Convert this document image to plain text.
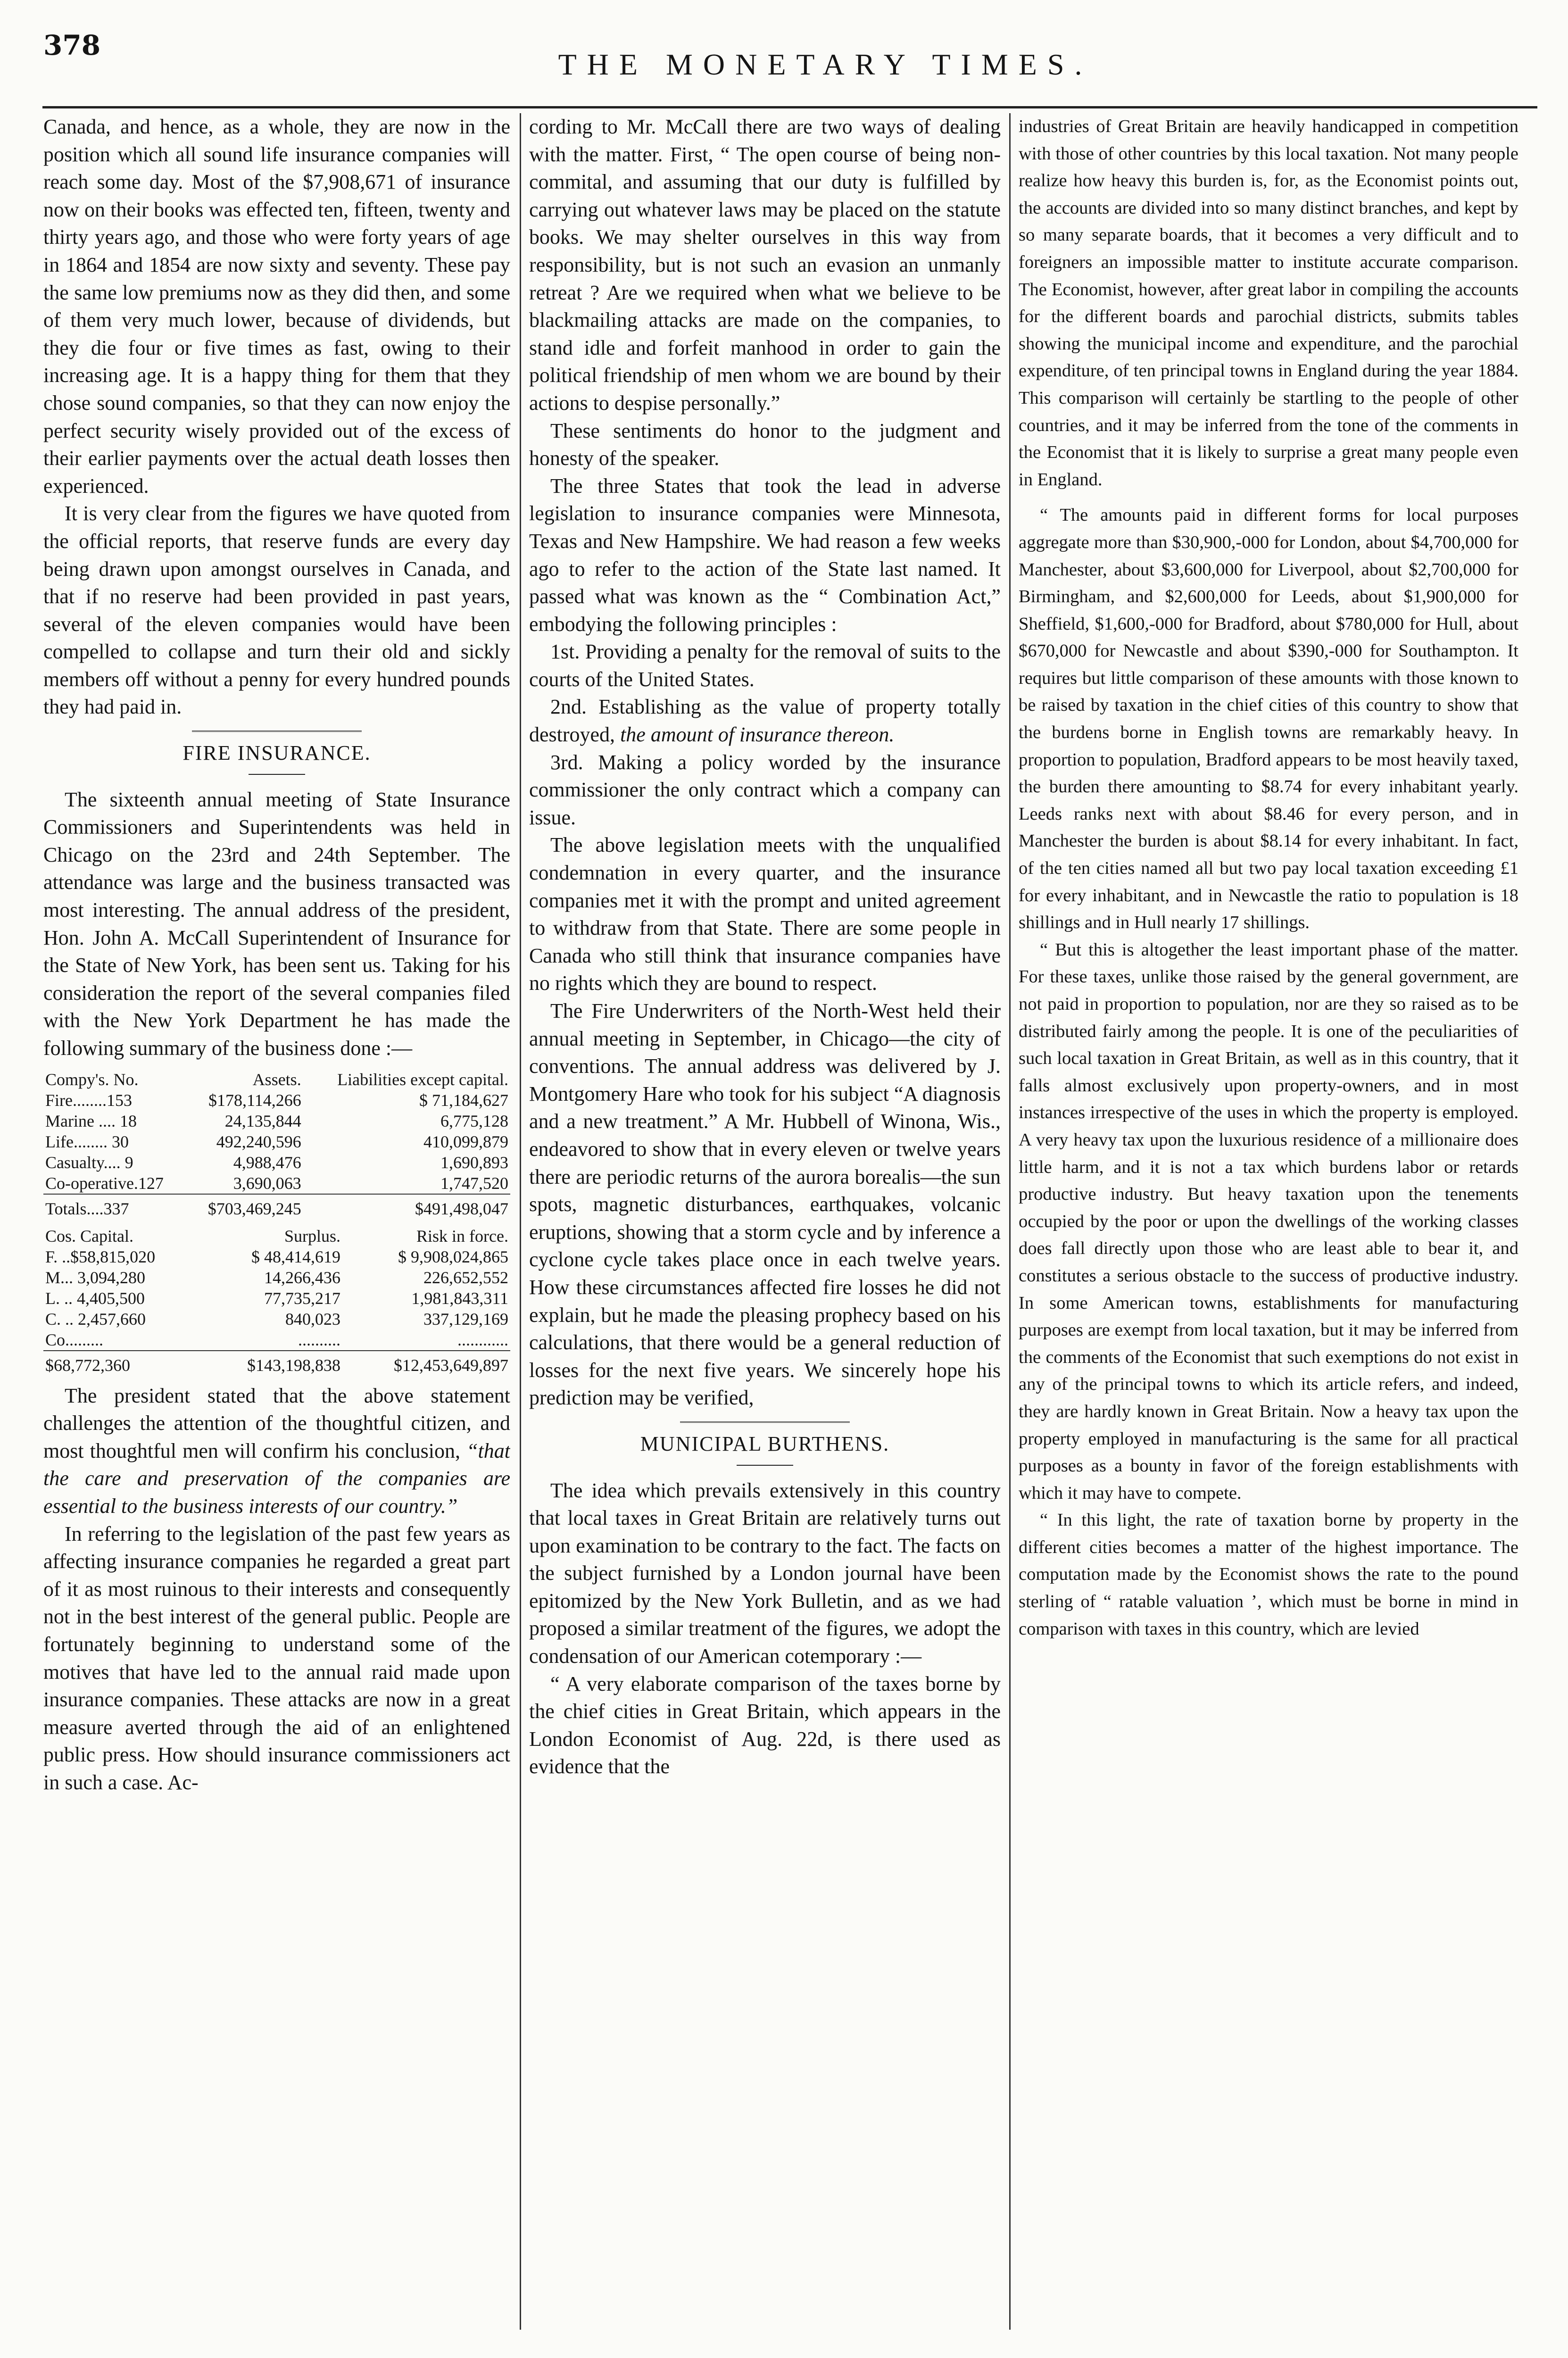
378
THE MONETARY TIMES.

Canada, and hence, as a whole, they are now in the position which all sound life insurance companies will reach some day. Most of the $7,908,671 of insurance now on their books was effected ten, fifteen, twenty and thirty years ago, and those who were forty years of age in 1864 and 1854 are now sixty and seventy. These pay the same low premiums now as they did then, and some of them very much lower, because of dividends, but they die four or five times as fast, owing to their increasing age. It is a happy thing for them that they chose sound companies, so that they can now enjoy the perfect security wisely provided out of the excess of their earlier payments over the actual death losses then experienced.

It is very clear from the figures we have quoted from the official reports, that reserve funds are every day being drawn upon amongst ourselves in Canada, and that if no reserve had been provided in past years, several of the eleven companies would have been compelled to collapse and turn their old and sickly members off without a penny for every hundred pounds they had paid in.

FIRE INSURANCE.

The sixteenth annual meeting of State Insurance Commissioners and Superintendents was held in Chicago on the 23rd and 24th September. The attendance was large and the business transacted was most interesting. The annual address of the president, Hon. John A. McCall Superintendent of Insurance for the State of New York, has been sent us. Taking for his consideration the report of the several companies filed with the New York Department he has made the following summary of the business done :—

Compy's. No.	Assets.	Liabilities except capital.
Fire........153	$178,114,266	$ 71,184,627
Marine .... 18	24,135,844	6,775,128
Life........ 30	492,240,596	410,099,879
Casualty.... 9	4,988,476	1,690,893
Co-operative.127	3,690,063	1,747,520
Totals....337	$703,469,245	$491,498,047
Cos. Capital.	Surplus.	Risk in force.
F. ..$58,815,020	$ 48,414,619	$ 9,908,024,865
M... 3,094,280	14,266,436	226,652,552
L. .. 4,405,500	77,735,217	1,981,843,311
C. .. 2,457,660	840,023	337,129,169
Co.........	..........	............
$68,772,360	$143,198,838	$12,453,649,897

The president stated that the above statement challenges the attention of the thoughtful citizen, and most thoughtful men will confirm his conclusion, “that the care and preservation of the companies are essential to the business interests of our country.”

In referring to the legislation of the past few years as affecting insurance companies he regarded a great part of it as most ruinous to their interests and consequently not in the best interest of the general public. People are fortunately beginning to understand some of the motives that have led to the annual raid made upon insurance companies. These attacks are now in a great measure averted through the aid of an enlightened public press. How should insurance commissioners act in such a case. Ac-

cording to Mr. McCall there are two ways of dealing with the matter. First, “ The open course of being non-commital, and assuming that our duty is fulfilled by carrying out whatever laws may be placed on the statute books. We may shelter ourselves in this way from responsibility, but is not such an evasion an unmanly retreat ? Are we required when what we believe to be blackmailing attacks are made on the companies, to stand idle and forfeit manhood in order to gain the political friendship of men whom we are bound by their actions to despise personally.”

These sentiments do honor to the judgment and honesty of the speaker.

The three States that took the lead in adverse legislation to insurance companies were Minnesota, Texas and New Hampshire. We had reason a few weeks ago to refer to the action of the State last named. It passed what was known as the “ Combination Act,” embodying the following principles :

1st. Providing a penalty for the removal of suits to the courts of the United States.

2nd. Establishing as the value of property totally destroyed, the amount of insurance thereon.

3rd. Making a policy worded by the insurance commissioner the only contract which a company can issue.

The above legislation meets with the unqualified condemnation in every quarter, and the insurance companies met it with the prompt and united agreement to withdraw from that State. There are some people in Canada who still think that insurance companies have no rights which they are bound to respect.

The Fire Underwriters of the North-West held their annual meeting in September, in Chicago—the city of conventions. The annual address was delivered by J. Montgomery Hare who took for his subject “A diagnosis and a new treatment.” A Mr. Hubbell of Winona, Wis., endeavored to show that in every eleven or twelve years there are periodic returns of the aurora borealis—the sun spots, magnetic disturbances, earthquakes, volcanic eruptions, showing that a storm cycle and by inference a cyclone cycle takes place once in each twelve years. How these circumstances affected fire losses he did not explain, but he made the pleasing prophecy based on his calculations, that there would be a general reduction of losses for the next five years. We sincerely hope his prediction may be verified,

MUNICIPAL BURTHENS.

The idea which prevails extensively in this country that local taxes in Great Britain are relatively turns out upon examination to be contrary to the fact. The facts on the subject furnished by a London journal have been epitomized by the New York Bulletin, and as we had proposed a similar treatment of the figures, we adopt the condensation of our American cotemporary :—

“ A very elaborate comparison of the taxes borne by the chief cities in Great Britain, which appears in the London Economist of Aug. 22d, is there used as evidence that the

industries of Great Britain are heavily handicapped in competition with those of other countries by this local taxation. Not many people realize how heavy this burden is, for, as the Economist points out, the accounts are divided into so many distinct branches, and kept by so many separate boards, that it becomes a very difficult and to foreigners an impossible matter to institute accurate comparison. The Economist, however, after great labor in compiling the accounts for the different boards and parochial districts, submits tables showing the municipal income and expenditure, and the parochial expenditure, of ten principal towns in England during the year 1884. This comparison will certainly be startling to the people of other countries, and it may be inferred from the tone of the comments in the Economist that it is likely to surprise a great many people even in England.

“ The amounts paid in different forms for local purposes aggregate more than $30,900,-000 for London, about $4,700,000 for Manchester, about $3,600,000 for Liverpool, about $2,700,000 for Birmingham, and $2,600,000 for Leeds, about $1,900,000 for Sheffield, $1,600,-000 for Bradford, about $780,000 for Hull, about $670,000 for Newcastle and about $390,-000 for Southampton. It requires but little comparison of these amounts with those known to be raised by taxation in the chief cities of this country to show that the burdens borne in English towns are remarkably heavy. In proportion to population, Bradford appears to be most heavily taxed, the burden there amounting to $8.74 for every inhabitant yearly. Leeds ranks next with about $8.46 for every person, and in Manchester the burden is about $8.14 for every inhabitant. In fact, of the ten cities named all but two pay local taxation exceeding £1 for every inhabitant, and in Newcastle the ratio to population is 18 shillings and in Hull nearly 17 shillings.

“ But this is altogether the least important phase of the matter. For these taxes, unlike those raised by the general government, are not paid in proportion to population, nor are they so raised as to be distributed fairly among the people. It is one of the peculiarities of such local taxation in Great Britain, as well as in this country, that it falls almost exclusively upon property-owners, and in most instances irrespective of the uses in which the property is employed. A very heavy tax upon the luxurious residence of a millionaire does little harm, and it is not a tax which burdens labor or retards productive industry. But heavy taxation upon the tenements occupied by the poor or upon the dwellings of the working classes does fall directly upon those who are least able to bear it, and constitutes a serious obstacle to the success of productive industry. In some American towns, establishments for manufacturing purposes are exempt from local taxation, but it may be inferred from the comments of the Economist that such exemptions do not exist in any of the principal towns to which its article refers, and indeed, they are hardly known in Great Britain. Now a heavy tax upon the property employed in manufacturing is the same for all practical purposes as a bounty in favor of the foreign establishments with which it may have to compete.

“ In this light, the rate of taxation borne by property in the different cities becomes a matter of the highest importance. The computation made by the Economist shows the rate to the pound sterling of “ ratable valuation ’, which must be borne in mind in comparison with taxes in this country, which are levied
